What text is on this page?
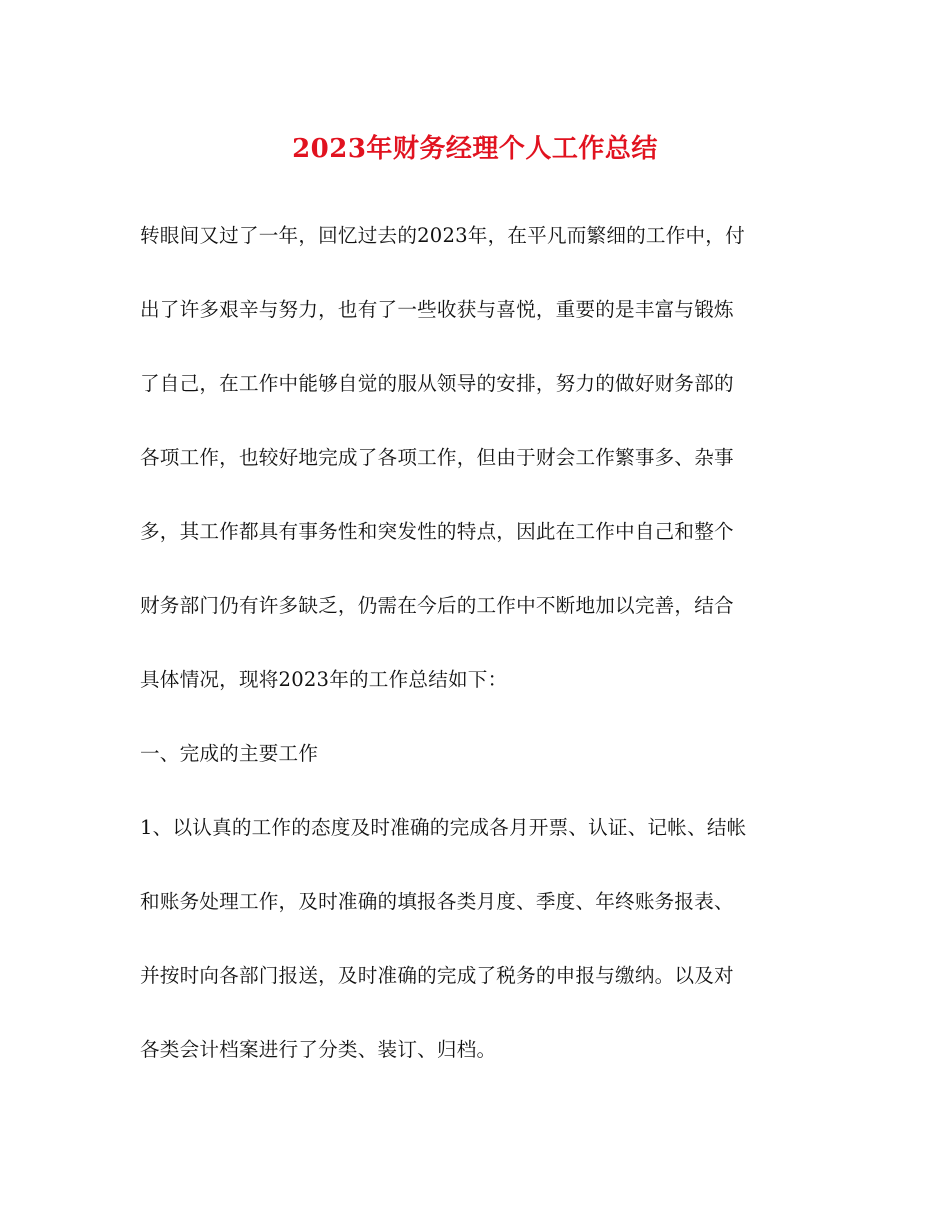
2023年财务经理个人工作总结

转眼间又过了一年，回忆过去的2023年，在平凡而繁细的工作中，付

出了许多艰辛与努力，也有了一些收获与喜悦，重要的是丰富与锻炼

了自己，在工作中能够自觉的服从领导的安排，努力的做好财务部的

各项工作，也较好地完成了各项工作，但由于财会工作繁事多、杂事

多，其工作都具有事务性和突发性的特点，因此在工作中自己和整个

财务部门仍有许多缺乏，仍需在今后的工作中不断地加以完善，结合

具体情况，现将2023年的工作总结如下：

一、完成的主要工作

1、以认真的工作的态度及时准确的完成各月开票、认证、记帐、结帐

和账务处理工作，及时准确的填报各类月度、季度、年终账务报表、

并按时向各部门报送，及时准确的完成了税务的申报与缴纳。以及对

各类会计档案进行了分类、装订、归档。
